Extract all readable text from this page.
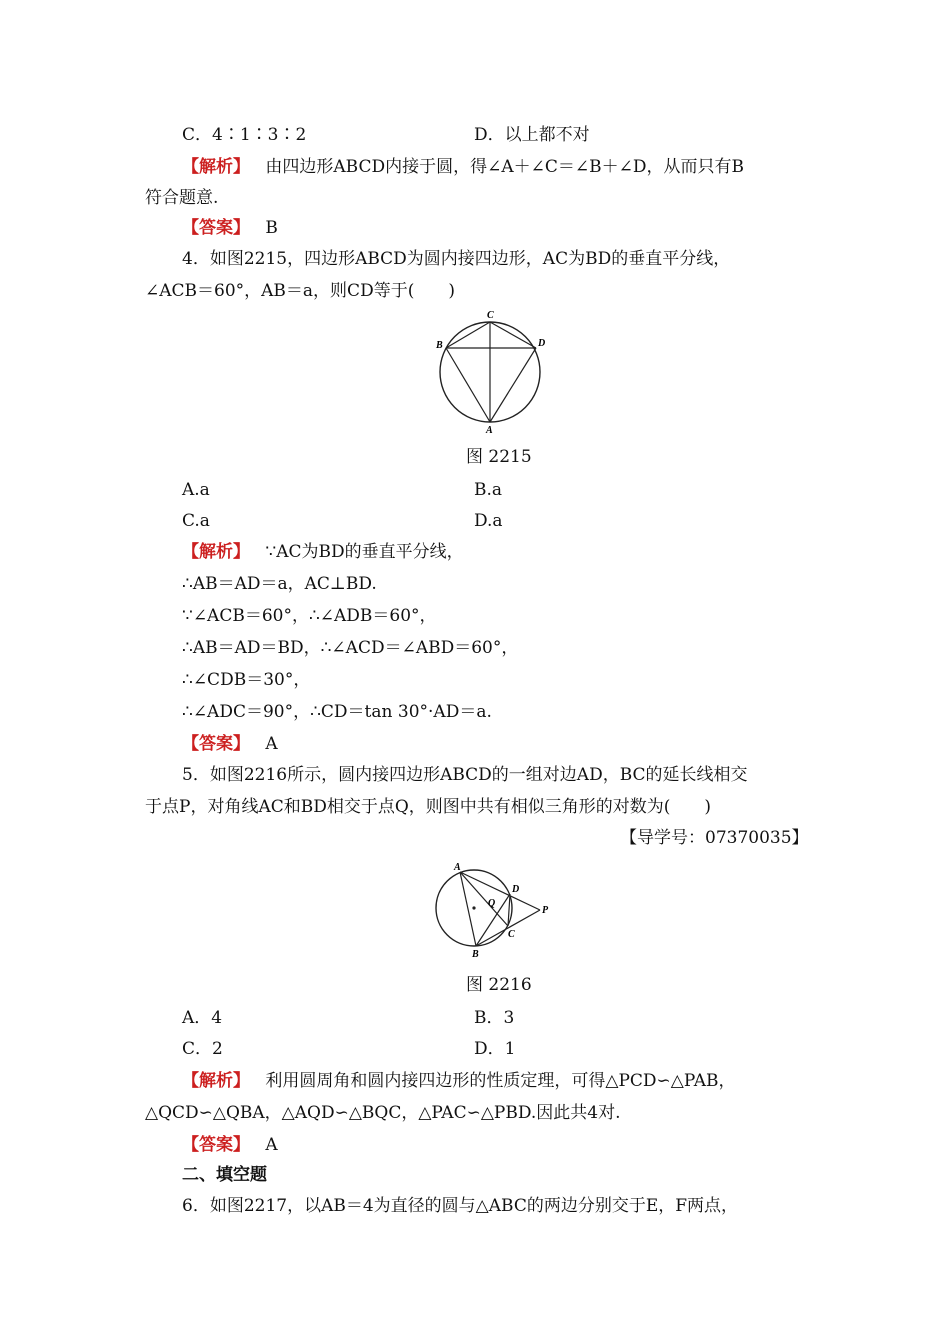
C．4∶1∶3∶2	D．以上都不对
【解析】 由四边形ABCD内接于圆，得∠A＋∠C＝∠B＋∠D，从而只有B
符合题意.
【答案】 B
4．如图2215，四边形ABCD为圆内接四边形，AC为BD的垂直平分线，
∠ACB＝60°，AB＝a，则CD等于(　　)
C
B	D
A
图 2215
A.a	B.a
C.a	D.a
【解析】 ∵AC为BD的垂直平分线，
∴AB＝AD＝a，AC⊥BD.
∵∠ACB＝60°，∴∠ADB＝60°，
∴AB＝AD＝BD，∴∠ACD＝∠ABD＝60°，
∴∠CDB＝30°，
∴∠ADC＝90°，∴CD＝tan 30°·AD＝a.
【答案】 A
5．如图2216所示，圆内接四边形ABCD的一组对边AD，BC的延长线相交
于点P，对角线AC和BD相交于点Q，则图中共有相似三角形的对数为(　　)
【导学号：07370035】
A
B
D
C
Q
P
图 2216
A．4	B．3
C．2	D．1
【解析】 利用圆周角和圆内接四边形的性质定理，可得△PCD∽△PAB，
△QCD∽△QBA，△AQD∽△BQC，△PAC∽△PBD.因此共4对.
【答案】 A
二、填空题
6．如图2217，以AB＝4为直径的圆与△ABC的两边分别交于E，F两点，
